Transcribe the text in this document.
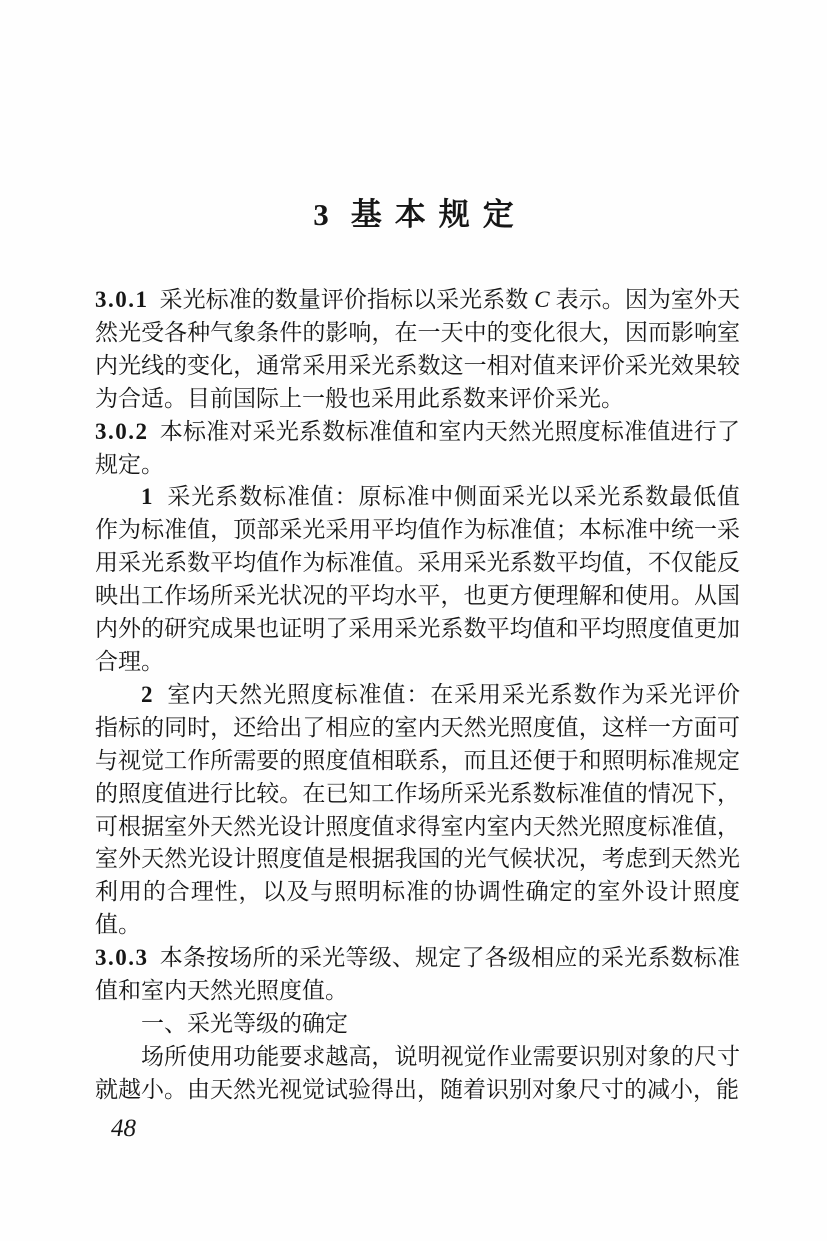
3 基本规定

3.0.1 采光标准的数量评价指标以采光系数 C 表示。因为室外天然光受各种气象条件的影响，在一天中的变化很大，因而影响室内光线的变化，通常采用采光系数这一相对值来评价采光效果较为合适。目前国际上一般也采用此系数来评价采光。

3.0.2 本标准对采光系数标准值和室内天然光照度标准值进行了规定。

1 采光系数标准值：原标准中侧面采光以采光系数最低值作为标准值，顶部采光采用平均值作为标准值；本标准中统一采用采光系数平均值作为标准值。采用采光系数平均值，不仅能反映出工作场所采光状况的平均水平，也更方便理解和使用。从国内外的研究成果也证明了采用采光系数平均值和平均照度值更加合理。

2 室内天然光照度标准值：在采用采光系数作为采光评价指标的同时，还给出了相应的室内天然光照度值，这样一方面可与视觉工作所需要的照度值相联系，而且还便于和照明标准规定的照度值进行比较。在已知工作场所采光系数标准值的情况下，可根据室外天然光设计照度值求得室内室内天然光照度标准值，室外天然光设计照度值是根据我国的光气候状况，考虑到天然光利用的合理性，以及与照明标准的协调性确定的室外设计照度值。

3.0.3 本条按场所的采光等级、规定了各级相应的采光系数标准值和室内天然光照度值。

一、采光等级的确定

场所使用功能要求越高，说明视觉作业需要识别对象的尺寸就越小。由天然光视觉试验得出，随着识别对象尺寸的减小，能

48
